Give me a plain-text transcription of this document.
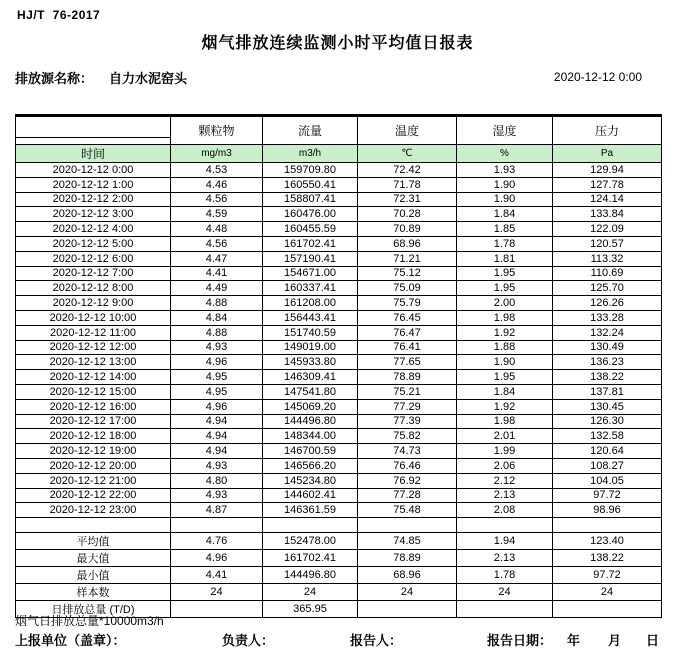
HJ/T  76-2017
烟气排放连续监测小时平均值日报表
排放源名称： 自力水泥窑头	2020-12-12 0:00
	颗粒物	流量	温度	湿度	压力
时间	mg/m3	m3/h	℃	%	Pa
2020-12-12 0:00	4.53	159709.80	72.42	1.93	129.94
2020-12-12 1:00	4.46	160550.41	71.78	1.90	127.78
2020-12-12 2:00	4.56	158807.41	72.31	1.90	124.14
2020-12-12 3:00	4.59	160476.00	70.28	1.84	133.84
2020-12-12 4:00	4.48	160455.59	70.89	1.85	122.09
2020-12-12 5:00	4.56	161702.41	68.96	1.78	120.57
2020-12-12 6:00	4.47	157190.41	71.21	1.81	113.32
2020-12-12 7:00	4.41	154671.00	75.12	1.95	110.69
2020-12-12 8:00	4.49	160337.41	75.09	1.95	125.70
2020-12-12 9:00	4.88	161208.00	75.79	2.00	126.26
2020-12-12 10:00	4.84	156443.41	76.45	1.98	133.28
2020-12-12 11:00	4.88	151740.59	76.47	1.92	132.24
2020-12-12 12:00	4.93	149019.00	76.41	1.88	130.49
2020-12-12 13:00	4.96	145933.80	77.65	1.90	136.23
2020-12-12 14:00	4.95	146309.41	78.89	1.95	138.22
2020-12-12 15:00	4.95	147541.80	75.21	1.84	137.81
2020-12-12 16:00	4.96	145069.20	77.29	1.92	130.45
2020-12-12 17:00	4.94	144496.80	77.39	1.98	126.30
2020-12-12 18:00	4.94	148344.00	75.82	2.01	132.58
2020-12-12 19:00	4.94	146700.59	74.73	1.99	120.64
2020-12-12 20:00	4.93	146566.20	76.46	2.06	108.27
2020-12-12 21:00	4.80	145234.80	76.92	2.12	104.05
2020-12-12 22:00	4.93	144602.41	77.28	2.13	97.72
2020-12-12 23:00	4.87	146361.59	75.48	2.08	98.96

平均值	4.76	152478.00	74.85	1.94	123.40
最大值	4.96	161702.41	78.89	2.13	138.22
最小值	4.41	144496.80	68.96	1.78	97.72
样本数	24	24	24	24	24
日排放总量 (T/D)		365.95			
烟气日排放总量*10000m3/h
上报单位（盖章）：	负责人：	报告人：	报告日期： 年 月 日
